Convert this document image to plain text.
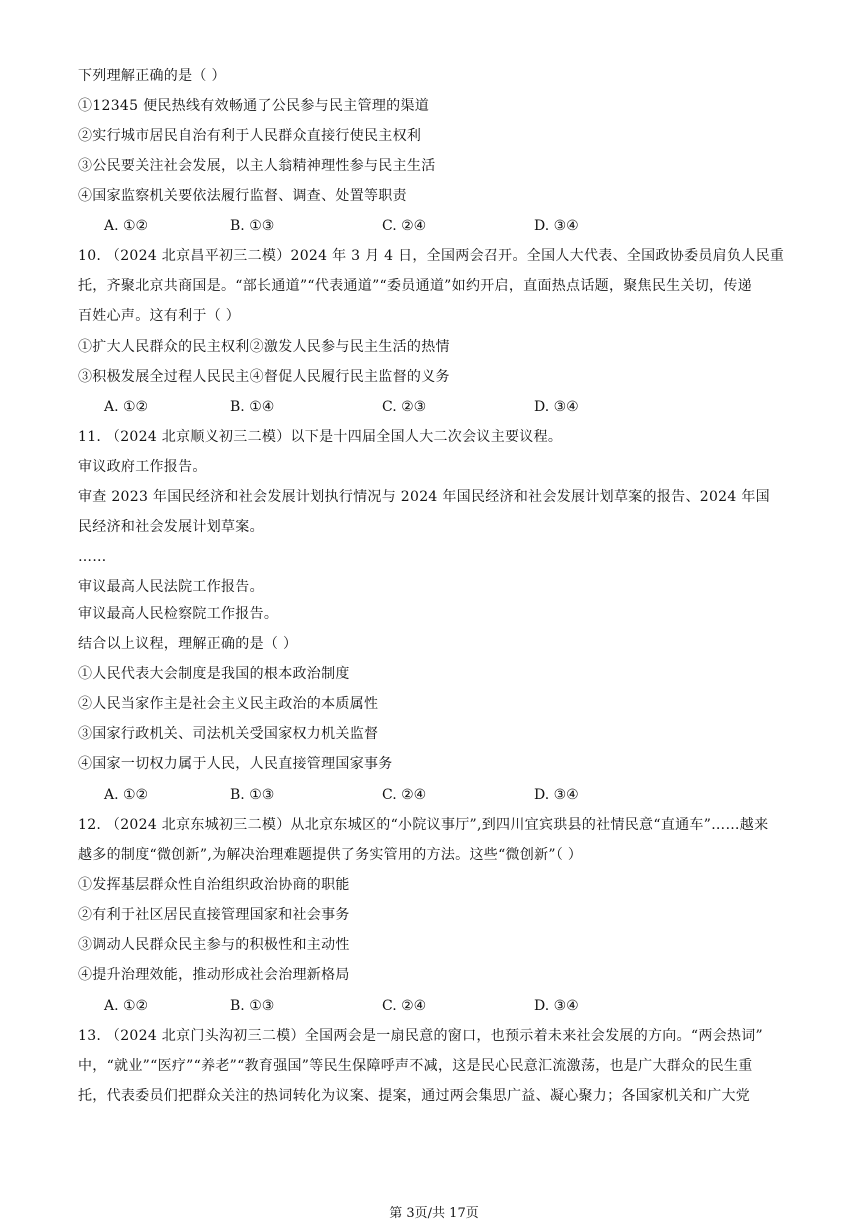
下列理解正确的是（ ）
①12345 便民热线有效畅通了公民参与民主管理的渠道
②实行城市居民自治有利于人民群众直接行使民主权利
③公民要关注社会发展，以主人翁精神理性参与民主生活
④国家监察机关要依法履行监督、调查、处置等职责
A. ①②	B. ①③	C. ②④	D. ③④
10. （2024 北京昌平初三二模）2024 年 3 月 4 日，全国两会召开。全国人大代表、全国政协委员肩负人民重
托，齐聚北京共商国是。“部长通道”“代表通道”“委员通道”如约开启，直面热点话题，聚焦民生关切，传递
百姓心声。这有利于（ ）
①扩大人民群众的民主权利②激发人民参与民主生活的热情
③积极发展全过程人民民主④督促人民履行民主监督的义务
A. ①②	B. ①④	C. ②③	D. ③④
11. （2024 北京顺义初三二模）以下是十四届全国人大二次会议主要议程。
审议政府工作报告。
审查 2023 年国民经济和社会发展计划执行情况与 2024 年国民经济和社会发展计划草案的报告、2024 年国
民经济和社会发展计划草案。
……
审议最高人民法院工作报告。
审议最高人民检察院工作报告。
结合以上议程，理解正确的是（ ）
①人民代表大会制度是我国的根本政治制度
②人民当家作主是社会主义民主政治的本质属性
③国家行政机关、司法机关受国家权力机关监督
④国家一切权力属于人民，人民直接管理国家事务
A. ①②	B. ①③	C. ②④	D. ③④
12. （2024 北京东城初三二模）从北京东城区的“小院议事厅”,到四川宜宾珙县的社情民意“直通车”……越来
越多的制度“微创新”,为解决治理难题提供了务实管用的方法。这些“微创新”（ ）
①发挥基层群众性自治组织政治协商的职能
②有利于社区居民直接管理国家和社会事务
③调动人民群众民主参与的积极性和主动性
④提升治理效能，推动形成社会治理新格局
A. ①②	B. ①③	C. ②④	D. ③④
13. （2024 北京门头沟初三二模）全国两会是一扇民意的窗口，也预示着未来社会发展的方向。“两会热词”
中，“就业”“医疗”“养老”“教育强国”等民生保障呼声不减，这是民心民意汇流激荡，也是广大群众的民生重
托，代表委员们把群众关注的热词转化为议案、提案，通过两会集思广益、凝心聚力；各国家机关和广大党
第 3页/共 17页
